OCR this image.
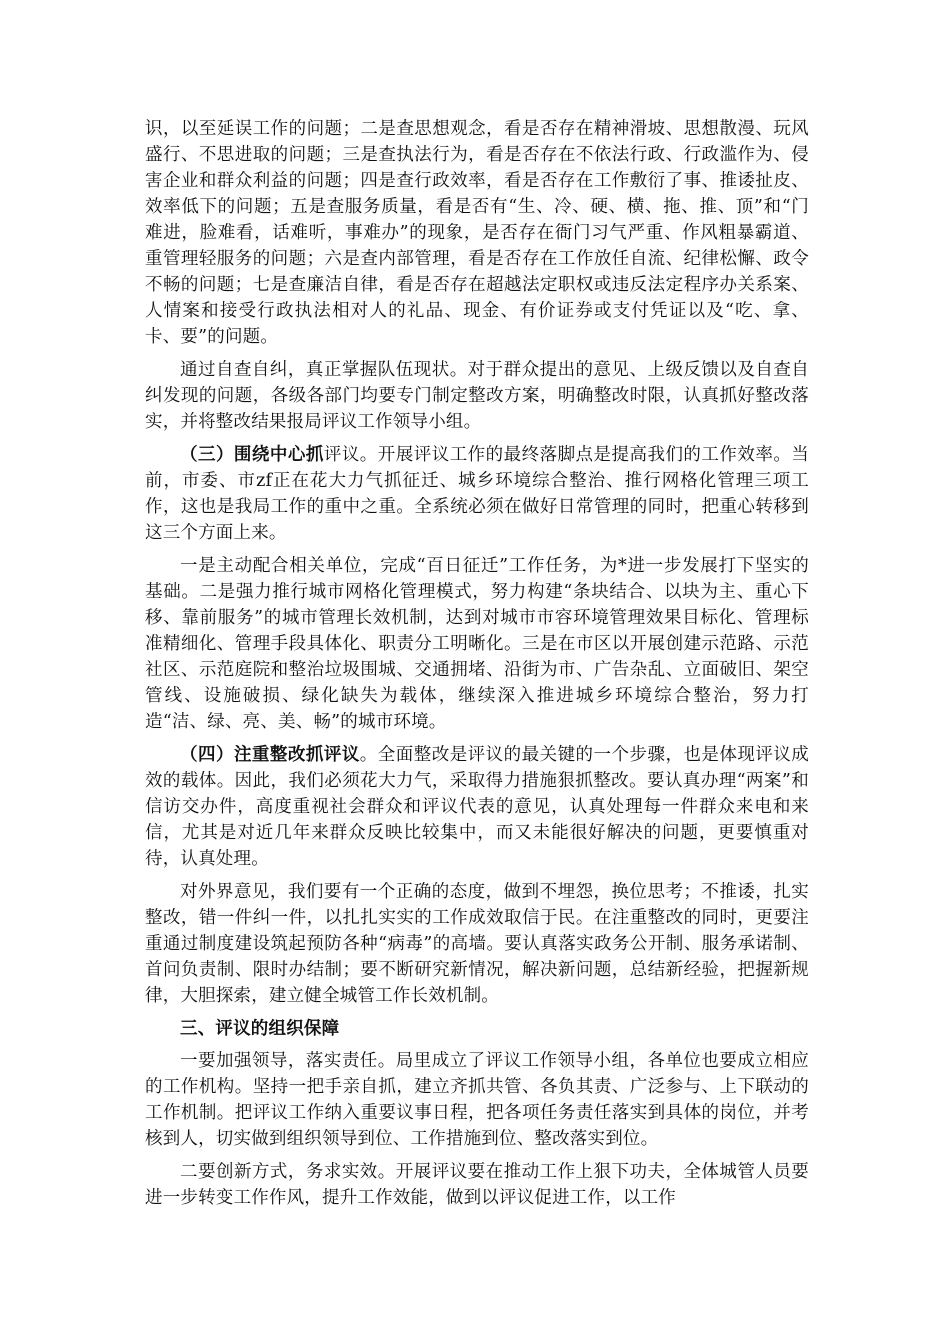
识，以至延误工作的问题；二是查思想观念，看是否存在精神滑坡、思想散漫、玩风盛行、不思进取的问题；三是查执法行为，看是否存在不依法行政、行政滥作为、侵害企业和群众利益的问题；四是查行政效率，看是否存在工作敷衍了事、推诿扯皮、效率低下的问题；五是查服务质量，看是否有“生、冷、硬、横、拖、推、顶”和“门难进，脸难看，话难听，事难办”的现象，是否存在衙门习气严重、作风粗暴霸道、重管理轻服务的问题；六是查内部管理，看是否存在工作放任自流、纪律松懈、政令不畅的问题；七是查廉洁自律，看是否存在超越法定职权或违反法定程序办关系案、人情案和接受行政执法相对人的礼品、现金、有价证券或支付凭证以及“吃、拿、卡、要”的问题。

通过自查自纠，真正掌握队伍现状。对于群众提出的意见、上级反馈以及自查自纠发现的问题，各级各部门均要专门制定整改方案，明确整改时限，认真抓好整改落实，并将整改结果报局评议工作领导小组。

（三）围绕中心抓评议。开展评议工作的最终落脚点是提高我们的工作效率。当前，市委、市zf正在花大力气抓征迁、城乡环境综合整治、推行网格化管理三项工作，这也是我局工作的重中之重。全系统必须在做好日常管理的同时，把重心转移到这三个方面上来。

一是主动配合相关单位，完成“百日征迁”工作任务，为*进一步发展打下坚实的基础。二是强力推行城市网格化管理模式，努力构建“条块结合、以块为主、重心下移、靠前服务”的城市管理长效机制，达到对城市市容环境管理效果目标化、管理标准精细化、管理手段具体化、职责分工明晰化。三是在市区以开展创建示范路、示范社区、示范庭院和整治垃圾围城、交通拥堵、沿街为市、广告杂乱、立面破旧、架空管线、设施破损、绿化缺失为载体，继续深入推进城乡环境综合整治，努力打造“洁、绿、亮、美、畅”的城市环境。

（四）注重整改抓评议。全面整改是评议的最关键的一个步骤，也是体现评议成效的载体。因此，我们必须花大力气，采取得力措施狠抓整改。要认真办理“两案”和信访交办件，高度重视社会群众和评议代表的意见，认真处理每一件群众来电和来信，尤其是对近几年来群众反映比较集中，而又未能很好解决的问题，更要慎重对待，认真处理。

对外界意见，我们要有一个正确的态度，做到不埋怨，换位思考；不推诿，扎实整改，错一件纠一件，以扎扎实实的工作成效取信于民。在注重整改的同时，更要注重通过制度建设筑起预防各种“病毒”的高墙。要认真落实政务公开制、服务承诺制、首问负责制、限时办结制；要不断研究新情况，解决新问题，总结新经验，把握新规律，大胆探索，建立健全城管工作长效机制。

三、评议的组织保障

一要加强领导，落实责任。局里成立了评议工作领导小组，各单位也要成立相应的工作机构。坚持一把手亲自抓，建立齐抓共管、各负其责、广泛参与、上下联动的工作机制。把评议工作纳入重要议事日程，把各项任务责任落实到具体的岗位，并考核到人，切实做到组织领导到位、工作措施到位、整改落实到位。

二要创新方式，务求实效。开展评议要在推动工作上狠下功夫，全体城管人员要进一步转变工作作风，提升工作效能，做到以评议促进工作，以工作
